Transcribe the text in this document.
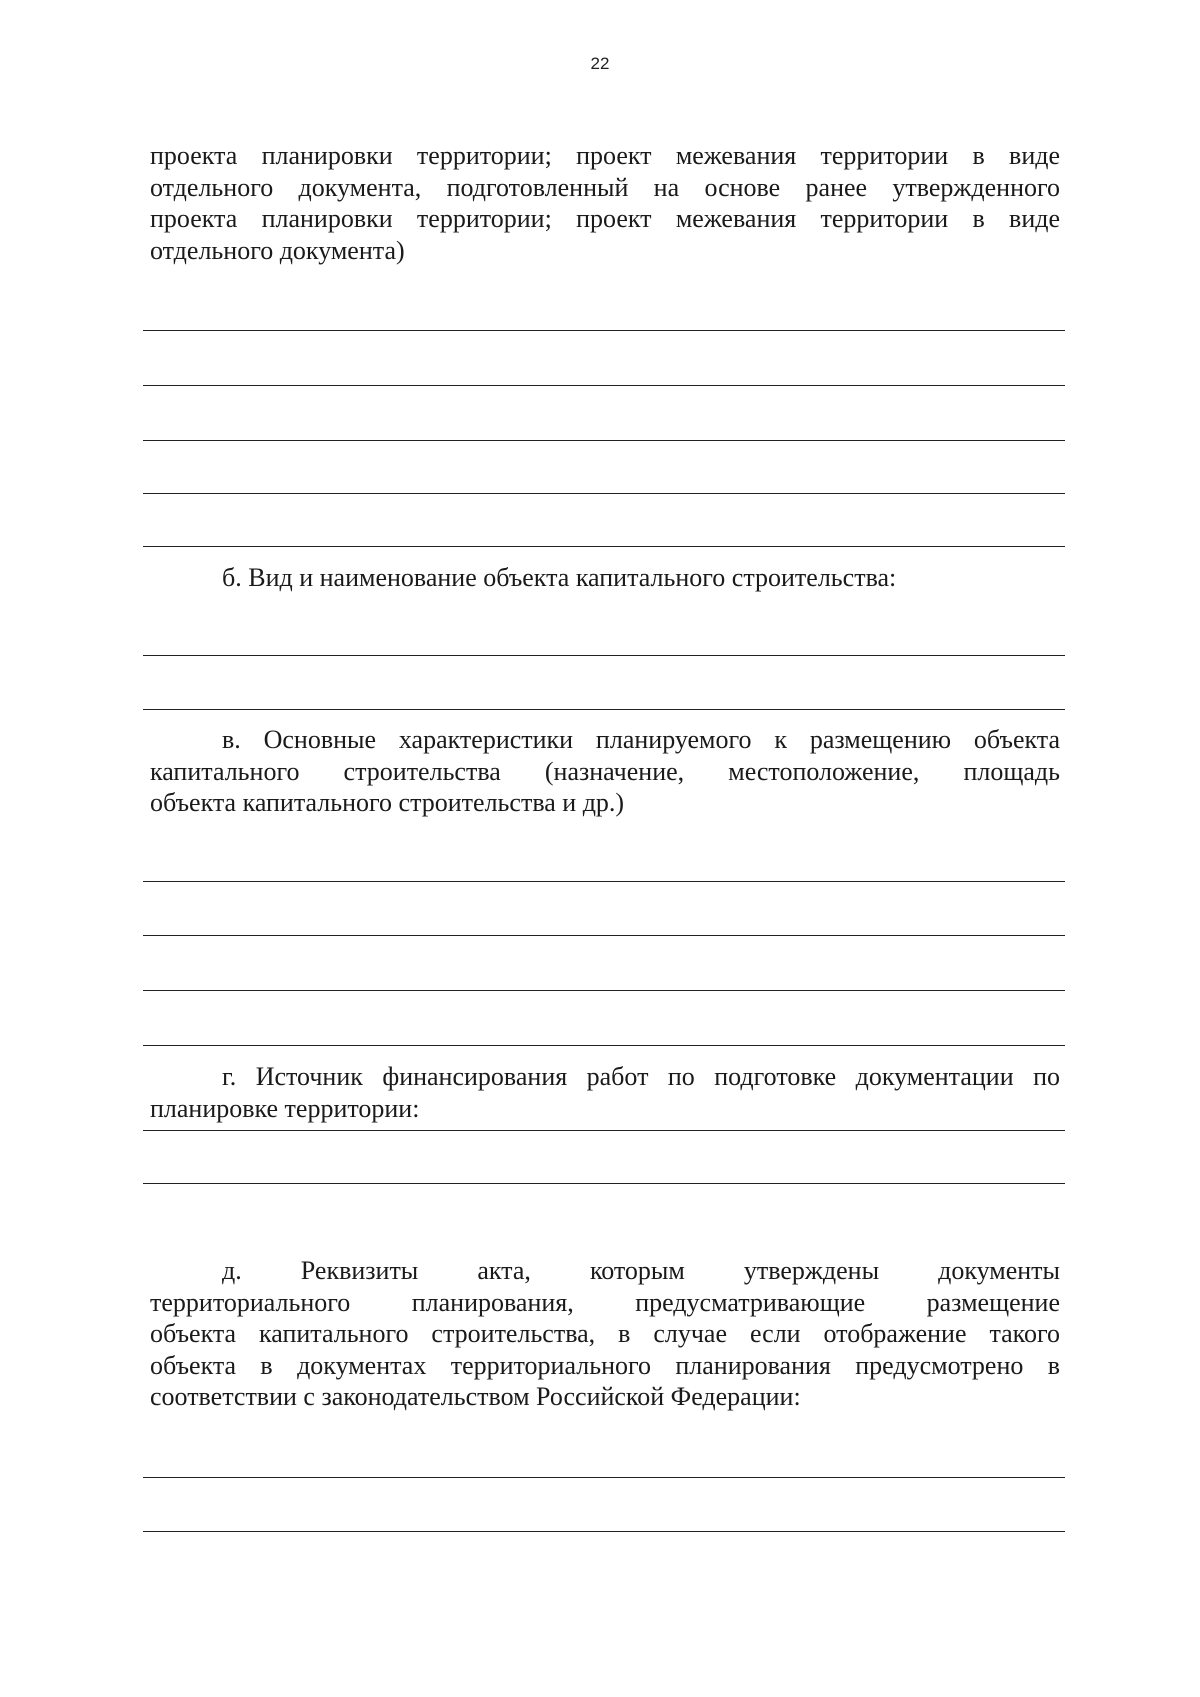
22
проекта планировки территории; проект межевания территории в виде
отдельного документа, подготовленный на основе ранее утвержденного
проекта планировки территории; проект межевания территории в виде
отдельного документа)
б. Вид и наименование объекта капитального строительства:
в. Основные характеристики планируемого к размещению объекта
капитального строительства (назначение, местоположение, площадь
объекта капитального строительства и др.)
г. Источник финансирования работ по подготовке документации по
планировке территории:
д. Реквизиты акта, которым утверждены документы
территориального планирования, предусматривающие размещение
объекта капитального строительства, в случае если отображение такого
объекта в документах территориального планирования предусмотрено в
соответствии с законодательством Российской Федерации:
